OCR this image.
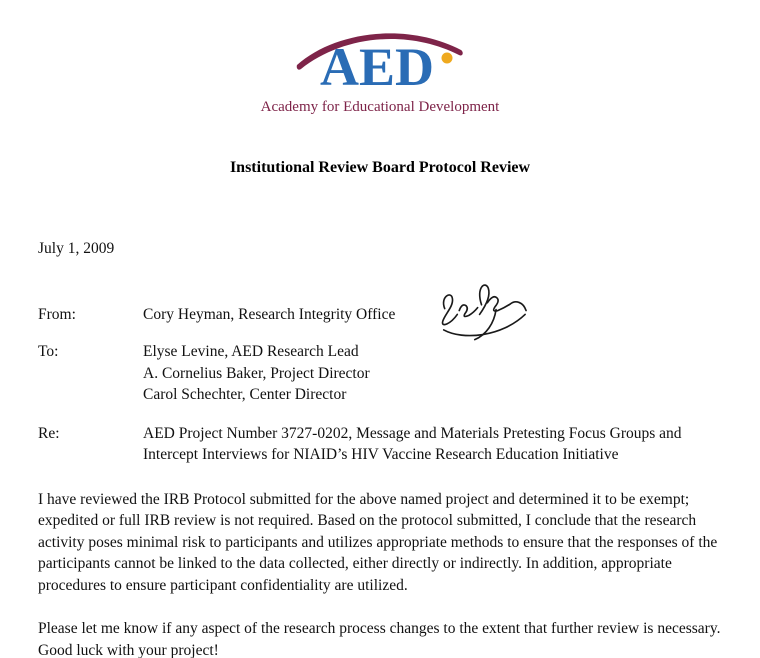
AED
Academy for Educational Development
Institutional Review Board Protocol Review
July 1, 2009
From:	Cory Heyman, Research Integrity Office
To:	Elyse Levine, AED Research Lead
A. Cornelius Baker, Project Director
Carol Schechter, Center Director
Re:	AED Project Number 3727-0202, Message and Materials Pretesting Focus Groups and Intercept Interviews for NIAID’s HIV Vaccine Research Education Initiative

I have reviewed the IRB Protocol submitted for the above named project and determined it to be exempt; expedited or full IRB review is not required. Based on the protocol submitted, I conclude that the research activity poses minimal risk to participants and utilizes appropriate methods to ensure that the responses of the participants cannot be linked to the data collected, either directly or indirectly. In addition, appropriate procedures to ensure participant confidentiality are utilized.

Please let me know if any aspect of the research process changes to the extent that further review is necessary. Good luck with your project!
